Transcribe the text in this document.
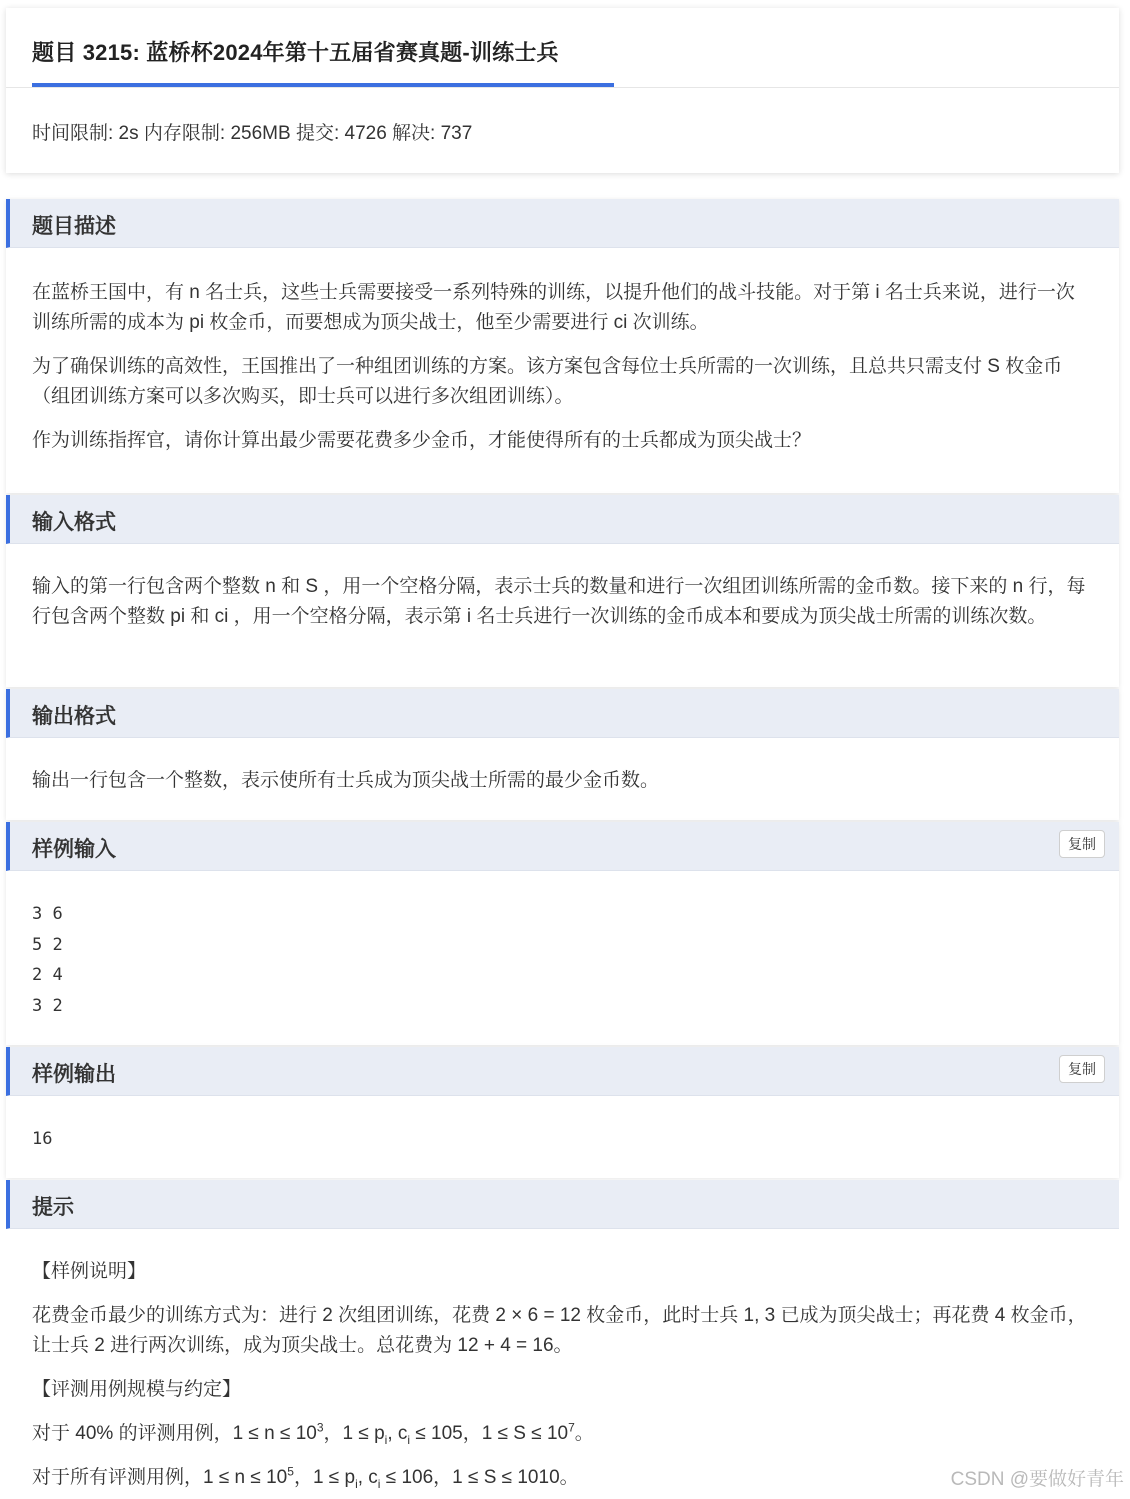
题目 3215: 蓝桥杯2024年第十五届省赛真题-训练士兵
时间限制: 2s 内存限制: 256MB 提交: 4726 解决: 737
题目描述

在蓝桥王国中，有 n 名士兵，这些士兵需要接受一系列特殊的训练，以提升他们的战斗技能。对于第 i 名士兵来说，进行一次训练所需的成本为 pi 枚金币，而要想成为顶尖战士，他至少需要进行 ci 次训练。

为了确保训练的高效性，王国推出了一种组团训练的方案。该方案包含每位士兵所需的一次训练，且总共只需支付 S 枚金币（组团训练方案可以多次购买，即士兵可以进行多次组团训练）。

作为训练指挥官，请你计算出最少需要花费多少金币，才能使得所有的士兵都成为顶尖战士？

输入格式

输入的第一行包含两个整数 n 和 S ，用一个空格分隔，表示士兵的数量和进行一次组团训练所需的金币数。接下来的 n 行，每行包含两个整数 pi 和 ci ，用一个空格分隔，表示第 i 名士兵进行一次训练的金币成本和要成为顶尖战士所需的训练次数。

输出格式

输出一行包含一个整数，表示使所有士兵成为顶尖战士所需的最少金币数。

样例输入	复制
3 6
5 2
2 4
3 2
样例输出	复制
16
提示

【样例说明】

花费金币最少的训练方式为：进行 2 次组团训练，花费 2 × 6 = 12 枚金币，此时士兵 1, 3 已成为顶尖战士；再花费 4 枚金币，让士兵 2 进行两次训练，成为顶尖战士。总花费为 12 + 4 = 16。

【评测用例规模与约定】

对于 40% 的评测用例，$1 \le n \le 10^3$，$1 \le p_i$, $c_i \le 105$，$1 \le S \le 10^7$。

对于所有评测用例，$1 \le n \le 10^5$，$1 \le p_i$, $c_i \le 106$，1 ≤ S ≤ 1010。	CSDN @要做好青年
